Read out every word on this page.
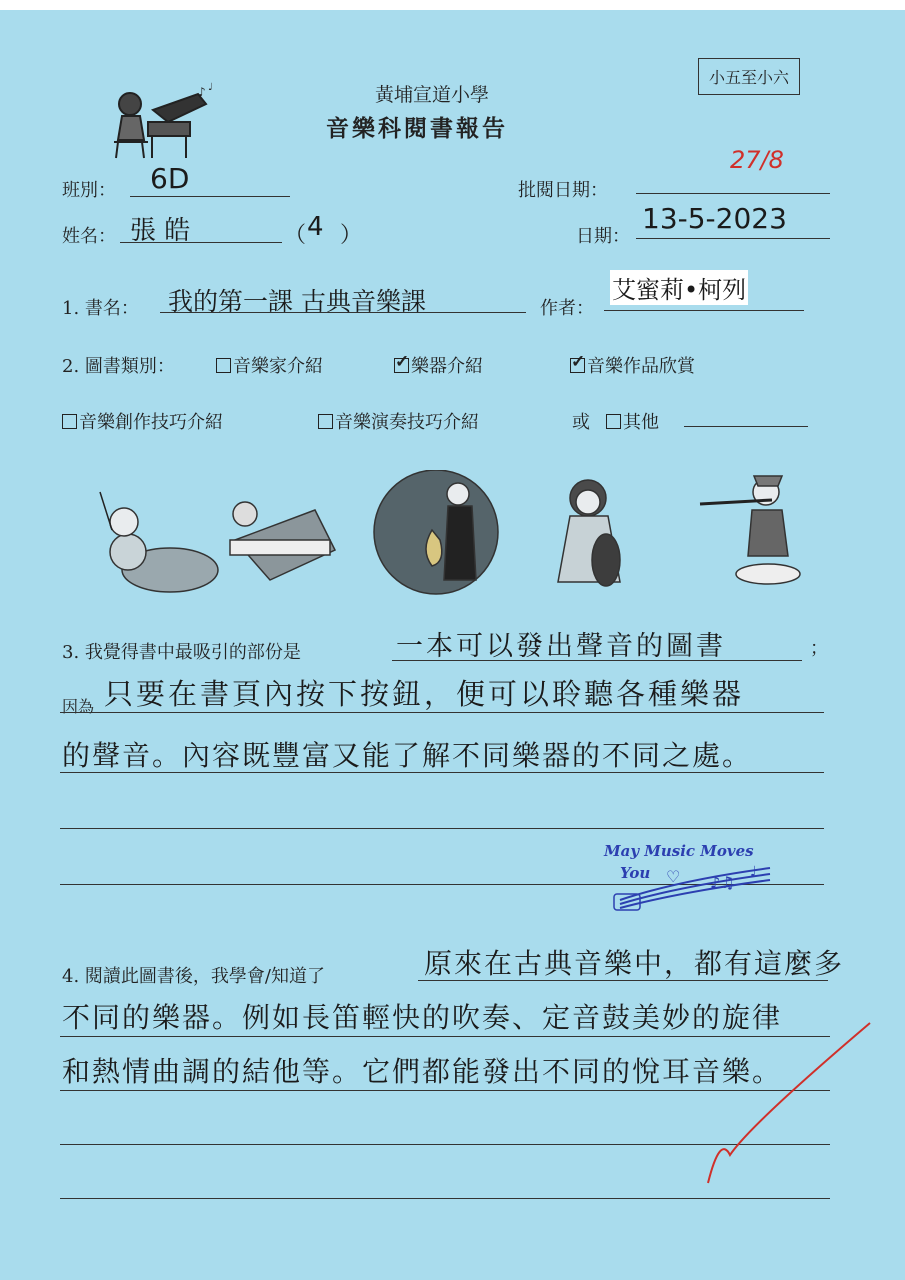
♪ ♩	黃埔宣道小學
音樂科閱書報告
小五至小六
班別： 6D	批閱日期：
27/8
姓名： 張 皓	（ 4 ）	日期：
13-5-2023
1. 書名： 我的第一課 古典音樂課	作者：
艾蜜莉•柯列
2. 圖書類別：	音樂家介紹 ✓	樂器介紹 ✓	音樂作品欣賞
音樂創作技巧介紹	音樂演奏技巧介紹	或	其他
3. 我覺得書中最吸引的部份是	一本可以發出聲音的圖書	；
因為 只要在書頁內按下按鈕，便可以聆聽各種樂器
的聲音。內容既豐富又能了解不同樂器的不同之處。
May Music Moves
You ♡ ♪♫
♩
4. 閱讀此圖書後，我學會/知道了	原來在古典音樂中，都有這麼多
不同的樂器。例如長笛輕快的吹奏、定音鼓美妙的旋律
和熱情曲調的結他等。它們都能發出不同的悅耳音樂。
